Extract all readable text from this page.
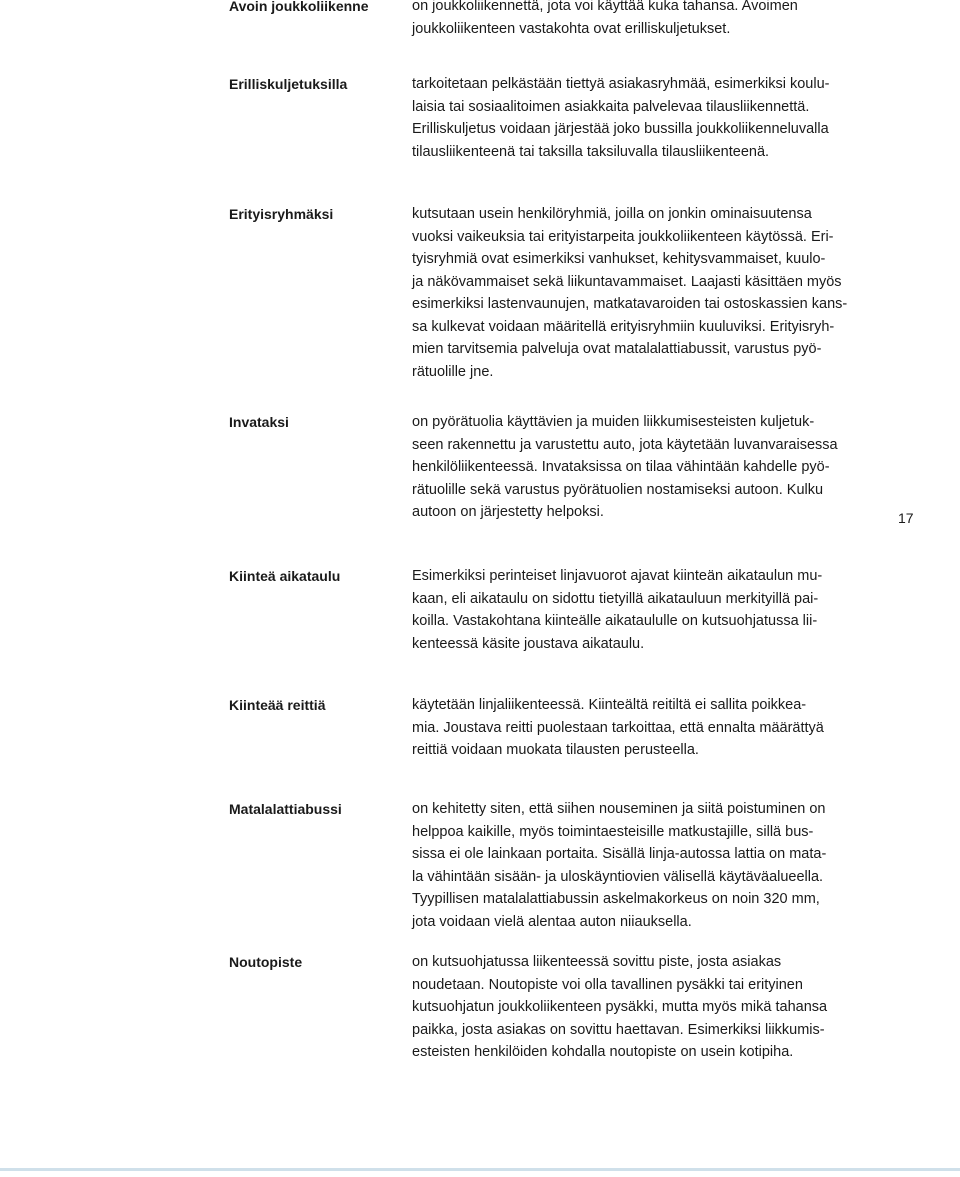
Avoin joukkoliikenne	on joukkoliikennettä, jota voi käyttää kuka tahansa. Avoimen
joukkoliikenteen vastakohta ovat erilliskuljetukset.
Erilliskuljetuksilla	tarkoitetaan pelkästään tiettyä asiakasryhmää, esimerkiksi koulu-
laisia tai sosiaalitoimen asiakkaita palvelevaa tilausliikennettä.
Erilliskuljetus voidaan järjestää joko bussilla joukkoliikenneluvalla
tilausliikenteenä tai taksilla taksiluvalla tilausliikenteenä.
Erityisryhmäksi	kutsutaan usein henkilöryhmiä, joilla on jonkin ominaisuutensa
vuoksi vaikeuksia tai erityistarpeita joukkoliikenteen käytössä. Eri-
tyisryhmiä ovat esimerkiksi vanhukset, kehitysvammaiset, kuulo-
ja näkövammaiset sekä liikuntavammaiset. Laajasti käsittäen myös
esimerkiksi lastenvaunujen, matkatavaroiden tai ostoskassien kans-
sa kulkevat voidaan määritellä erityisryhmiin kuuluviksi. Erityisryh-
mien tarvitsemia palveluja ovat matalalattiabussit, varustus pyö-
rätuolille jne.
Invataksi	on pyörätuolia käyttävien ja muiden liikkumisesteisten kuljetuk-
seen rakennettu ja varustettu auto, jota käytetään luvanvaraisessa
henkilöliikenteessä. Invataksissa on tilaa vähintään kahdelle pyö-
rätuolille sekä varustus pyörätuolien nostamiseksi autoon. Kulku
autoon on järjestetty helpoksi.
Kiinteä aikataulu	Esimerkiksi perinteiset linjavuorot ajavat kiinteän aikataulun mu-
kaan, eli aikataulu on sidottu tietyillä aikatauluun merkityillä pai-
koilla. Vastakohtana kiinteälle aikataululle on kutsuohjatussa lii-
kenteessä käsite joustava aikataulu.
Kiinteää reittiä	käytetään linjaliikenteessä. Kiinteältä reitiltä ei sallita poikkea-
mia. Joustava reitti puolestaan tarkoittaa, että ennalta määrättyä
reittiä voidaan muokata tilausten perusteella.
Matalalattiabussi	on kehitetty siten, että siihen nouseminen ja siitä poistuminen on
helppoa kaikille, myös toimintaesteisille matkustajille, sillä bus-
sissa ei ole lainkaan portaita. Sisällä linja-autossa lattia on mata-
la vähintään sisään- ja uloskäyntiovien välisellä käytäväalueella.
Tyypillisen matalalattiabussin askelmakorkeus on noin 320 mm,
jota voidaan vielä alentaa auton niiauksella.
Noutopiste	on kutsuohjatussa liikenteessä sovittu piste, josta asiakas
noudetaan. Noutopiste voi olla tavallinen pysäkki tai erityinen
kutsuohjatun joukkoliikenteen pysäkki, mutta myös mikä tahansa
paikka, josta asiakas on sovittu haettavan. Esimerkiksi liikkumis-
esteisten henkilöiden kohdalla noutopiste on usein kotipiha.
17
